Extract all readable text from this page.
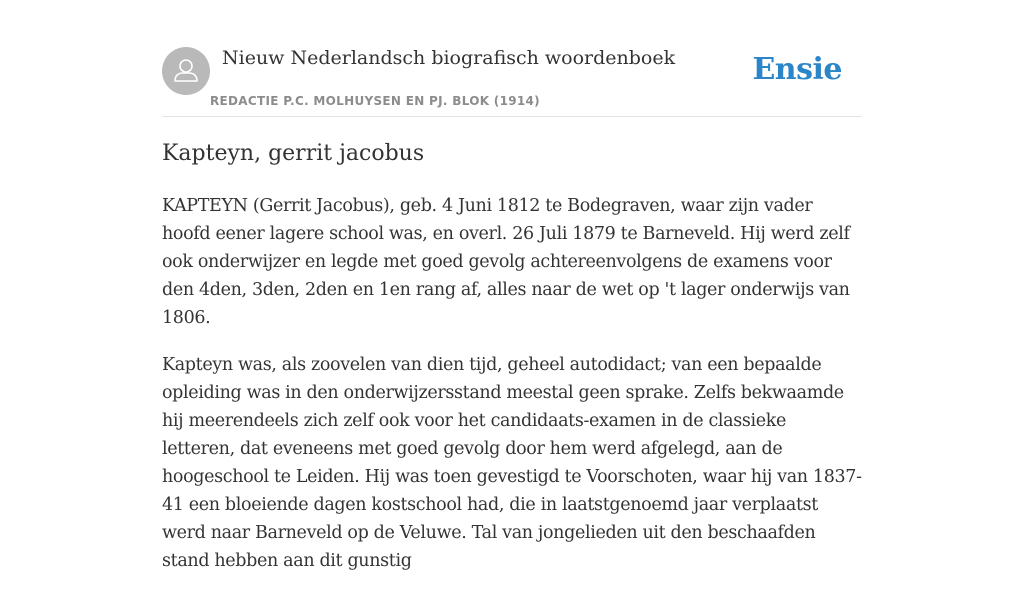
Nieuw Nederlandsch biografisch woordenboek
REDACTIE P.C. MOLHUYSEN EN PJ. BLOK (1914)
Ensie
Kapteyn, gerrit jacobus

KAPTEYN (Gerrit Jacobus), geb. 4 Juni 1812 te Bodegraven, waar zijn vader hoofd eener lagere school was, en overl. 26 Juli 1879 te Barneveld. Hij werd zelf ook onderwijzer en legde met goed gevolg achtereenvolgens de examens voor den 4den, 3den, 2den en 1en rang af, alles naar de wet op 't lager onderwijs van 1806.

Kapteyn was, als zoovelen van dien tijd, geheel autodidact; van een bepaalde opleiding was in den onderwijzersstand meestal geen sprake. Zelfs bekwaamde hij meerendeels zich zelf ook voor het candidaats-examen in de classieke letteren, dat eveneens met goed gevolg door hem werd afgelegd, aan de hoogeschool te Leiden. Hij was toen gevestigd te Voorschoten, waar hij van 1837-41 een bloeiende dagen kostschool had, die in laatstgenoemd jaar verplaatst werd naar Barneveld op de Veluwe. Tal van jongelieden uit den beschaafden stand hebben aan dit gunstig
